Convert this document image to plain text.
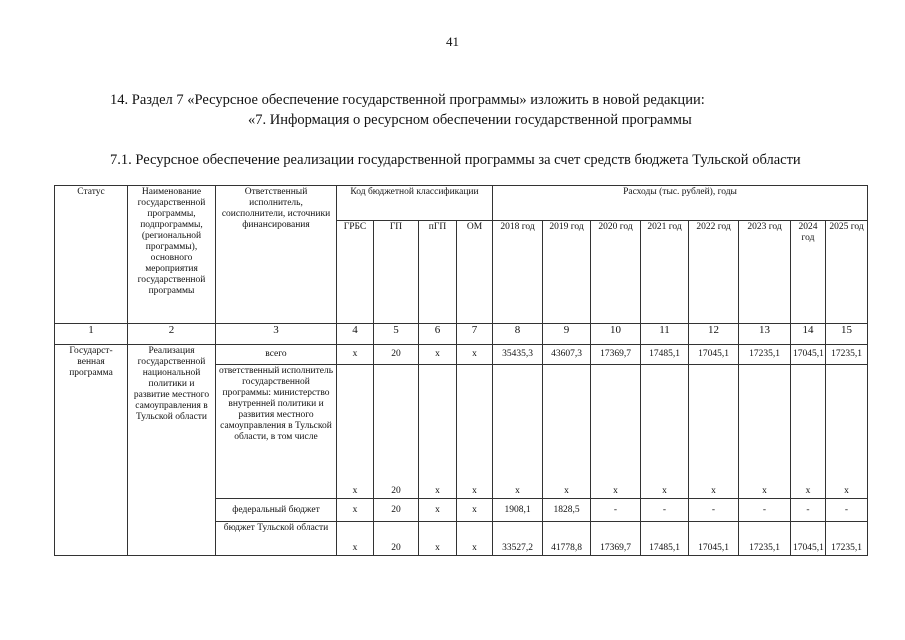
41
14. Раздел 7 «Ресурсное обеспечение государственной программы» изложить в новой редакции:
«7. Информация о ресурсном обеспечении государственной программы
7.1. Ресурсное обеспечение реализации государственной программы за счет средств бюджета Тульской области
Статус	Наименование государственной программы, подпрограммы, (региональной программы), основного мероприятия государственной программы	Ответственный исполнитель, соисполнители, источники финансирования	Код бюджетной классификации				Расходы (тыс. рублей), годы							
			ГРБС	ГП	пГП	ОМ	2018 год	2019 год	2020 год	2021 год	2022 год	2023 год	2024 год	2025 год
1	2	3	4	5	6	7	8	9	10	11	12	13	14	15
Государст-венная программа	Реализация государственной национальной политики и развитие местного самоуправления в Тульской области	всего	х	20	х	х	35435,3	43607,3	17369,7	17485,1	17045,1	17235,1	17045,1	17235,1
		ответственный исполнитель государственной программы: министерство внутренней политики и развития местного самоуправления в Тульской области, в том числе	х	20	х	х	х	х	х	х	х	х	х	х
		федеральный бюджет	х	20	х	х	1908,1	1828,5	-	-	-	-	-	-
		бюджет Тульской области	х	20	х	х	33527,2	41778,8	17369,7	17485,1	17045,1	17235,1	17045,1	17235,1
